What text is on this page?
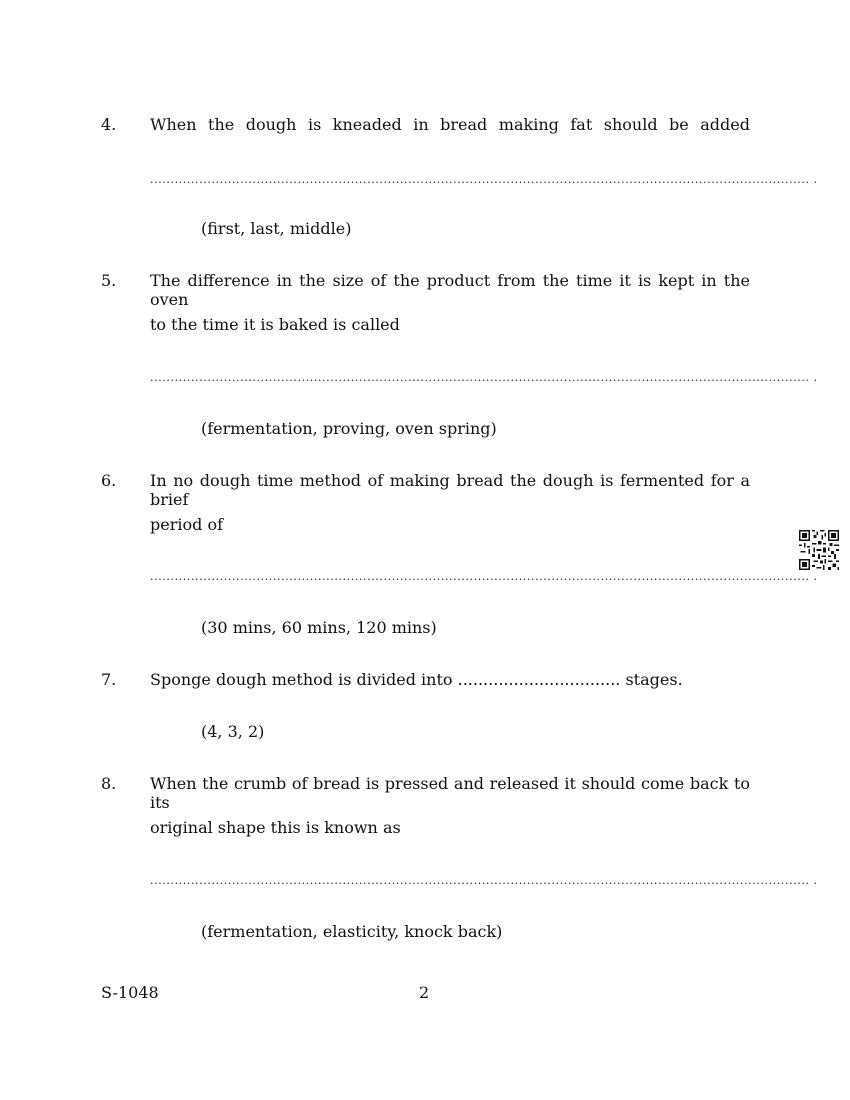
4. When the dough is kneaded in bread making fat should be added
................................................................................................................................................................. .
(first, last, middle)
5. The difference in the size of the product from the time it is kept in the oven
to the time it is baked is called
................................................................................................................................................................. .
(fermentation, proving, oven spring)
6. In no dough time method of making bread the dough is fermented for a brief
period of
................................................................................................................................................................. .
(30 mins, 60 mins, 120 mins)
7. Sponge dough method is divided into ................................ stages.
(4, 3, 2)
8. When the crumb of bread is pressed and released it should come back to its
original shape this is known as
................................................................................................................................................................. .
(fermentation, elasticity, knock back)
S-1048	2
